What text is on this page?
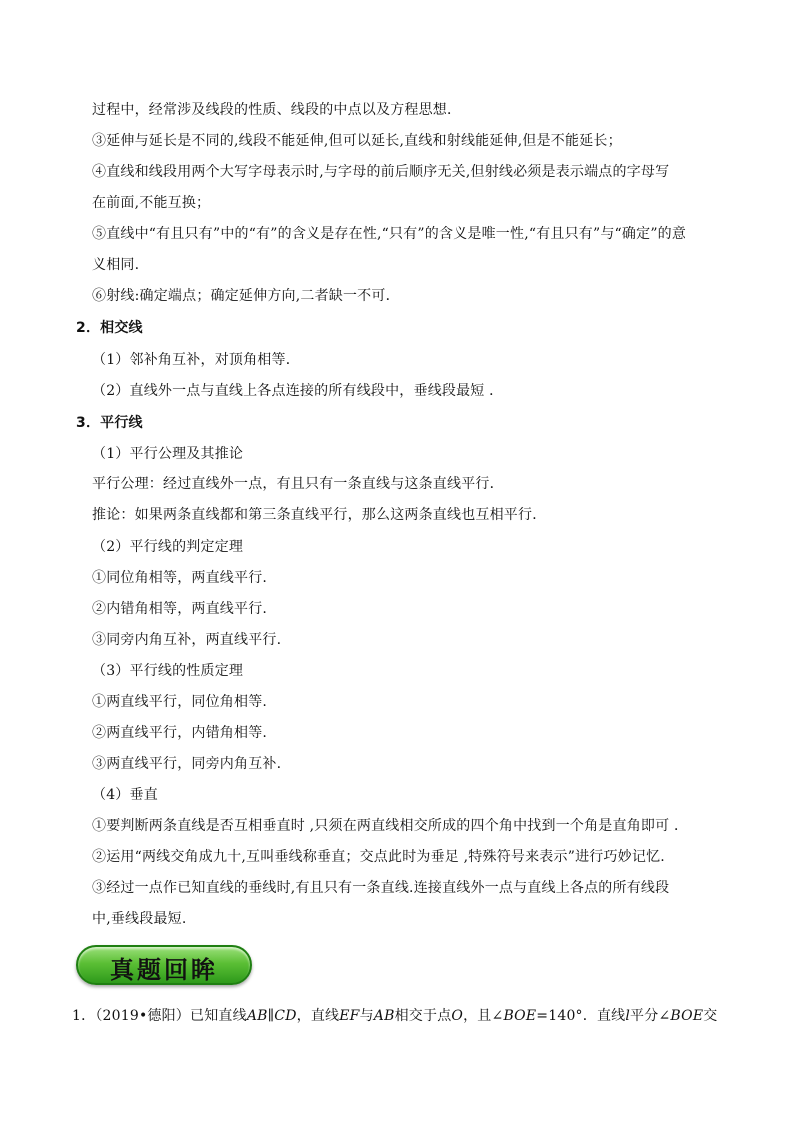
过程中，经常涉及线段的性质、线段的中点以及方程思想．
③延伸与延长是不同的,线段不能延伸,但可以延长,直线和射线能延伸,但是不能延长；
④直线和线段用两个大写字母表示时,与字母的前后顺序无关,但射线必须是表示端点的字母写
在前面,不能互换；
⑤直线中“有且只有”中的“有”的含义是存在性,“只有”的含义是唯一性,“有且只有”与“确定”的意
义相同.
⑥射线:确定端点；确定延伸方向,二者缺一不可．
2．相交线
（1）邻补角互补，对顶角相等．
（2）直线外一点与直线上各点连接的所有线段中，垂线段最短 ．
3．平行线
（1）平行公理及其推论
平行公理：经过直线外一点，有且只有一条直线与这条直线平行．
推论：如果两条直线都和第三条直线平行，那么这两条直线也互相平行．
（2）平行线的判定定理
①同位角相等，两直线平行.
②内错角相等，两直线平行.
③同旁内角互补，两直线平行.
（3）平行线的性质定理
①两直线平行，同位角相等.
②两直线平行，内错角相等.
③两直线平行，同旁内角互补.
（4）垂直
①要判断两条直线是否互相垂直时 ,只须在两直线相交所成的四个角中找到一个角是直角即可 ．
②运用“两线交角成九十,互叫垂线称垂直；交点此时为垂足 ,特殊符号来表示”进行巧妙记忆.
③经过一点作已知直线的垂线时,有且只有一条直线.连接直线外一点与直线上各点的所有线段
中,垂线段最短.
真题回眸
1．（2019•德阳）已知直线AB∥CD，直线EF与AB相交于点O，且∠BOE=140°．直线l平分∠BOE交
